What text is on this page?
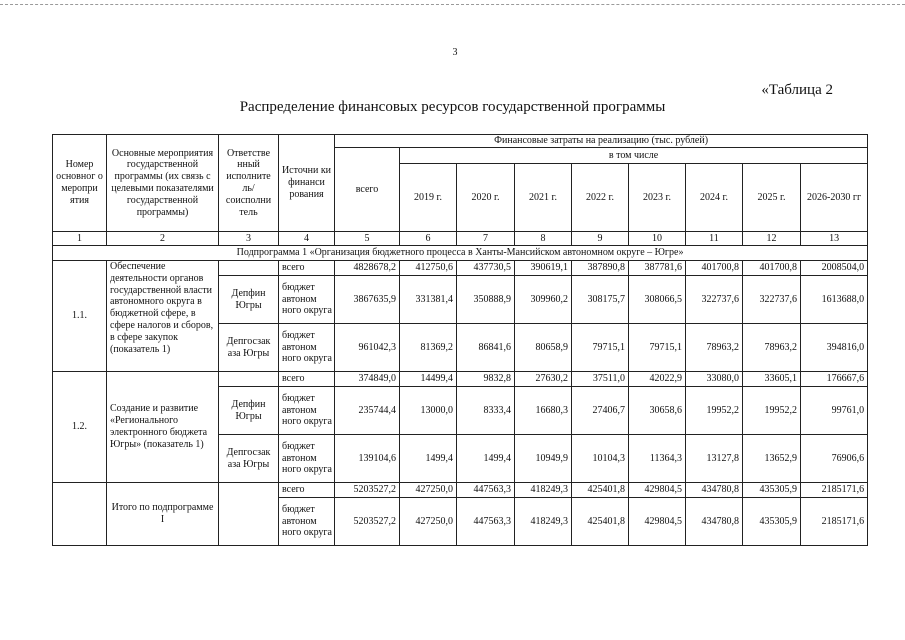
3
«Таблица 2
Распределение финансовых ресурсов государственной программы
Номер основног о меропри ятия	Основные мероприятия государственной программы (их связь с целевыми показателями государственной программы)	Ответстве нный исполните ль/ соисполни тель	Источни ки финанси рования	Финансовые затраты на реализацию (тыс. рублей)								
				всего	в том числе							
					2019 г.	2020 г.	2021 г.	2022 г.	2023 г.	2024 г.	2025 г.	2026-2030 гг
1	2	3	4	5	6	7	8	9	10	11	12	13
Подпрограмма 1 «Организация бюджетного процесса в Ханты-Мансийском автономном округе – Югре»												
1.1.	Обеспечение деятельности органов государственной власти автономного округа в бюджетной сфере, в сфере налогов и сборов, в сфере закупок (показатель 1)		всего	4828678,2	412750,6	437730,5	390619,1	387890,8	387781,6	401700,8	401700,8	2008504,0
		Депфин Югры	бюджет автоном ного округа	3867635,9	331381,4	350888,9	309960,2	308175,7	308066,5	322737,6	322737,6	1613688,0
		Депгосзак аза Югры	бюджет автоном ного округа	961042,3	81369,2	86841,6	80658,9	79715,1	79715,1	78963,2	78963,2	394816,0
1.2.	Создание и развитие «Регионального электронного бюджета Югры» (показатель 1)		всего	374849,0	14499,4	9832,8	27630,2	37511,0	42022,9	33080,0	33605,1	176667,6
		Депфин Югры	бюджет автоном ного округа	235744,4	13000,0	8333,4	16680,3	27406,7	30658,6	19952,2	19952,2	99761,0
		Депгосзак аза Югры	бюджет автоном ного округа	139104,6	1499,4	1499,4	10949,9	10104,3	11364,3	13127,8	13652,9	76906,6
	Итого по подпрограмме I		всего	5203527,2	427250,0	447563,3	418249,3	425401,8	429804,5	434780,8	435305,9	2185171,6
			бюджет автоном ного округа	5203527,2	427250,0	447563,3	418249,3	425401,8	429804,5	434780,8	435305,9	2185171,6
